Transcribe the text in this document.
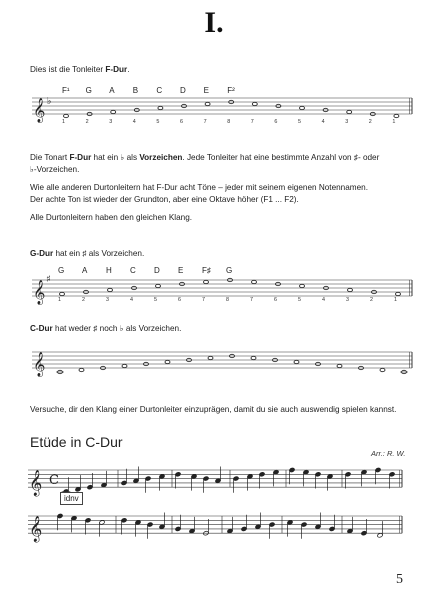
I.
Dies ist die Tonleiter F-Dur.
𝄞 ♭
𝄞
♯
𝄞
𝄞 C
𝄞
F¹ G A B C D E F²
1	2	3	4	5	6	7	8	7	6	5	4	3	2	1
Die Tonart F-Dur hat ein ♭ als Vorzeichen. Jede Tonleiter hat eine bestimmte Anzahl von ♯- oder
♭-Vorzeichen.
Wie alle anderen Durtonleitern hat F-Dur acht Töne – jeder mit seinem eigenen Notennamen.
Der achte Ton ist wieder der Grundton, aber eine Oktave höher (F1 ... F2).
Alle Durtonleitern haben den gleichen Klang.
G-Dur hat ein ♯ als Vorzeichen.
G A H C D E F♯ G
1	2	3	4	5	6	7	8	7	6	5	4	3	2	1
C-Dur hat weder ♯ noch ♭ als Vorzeichen.
Versuche, dir den Klang einer Durtonleiter einzuprägen, damit du sie auch auswendig spielen kannst.
Etüde in C-Dur
Arr.: R. W.
idnv
5
